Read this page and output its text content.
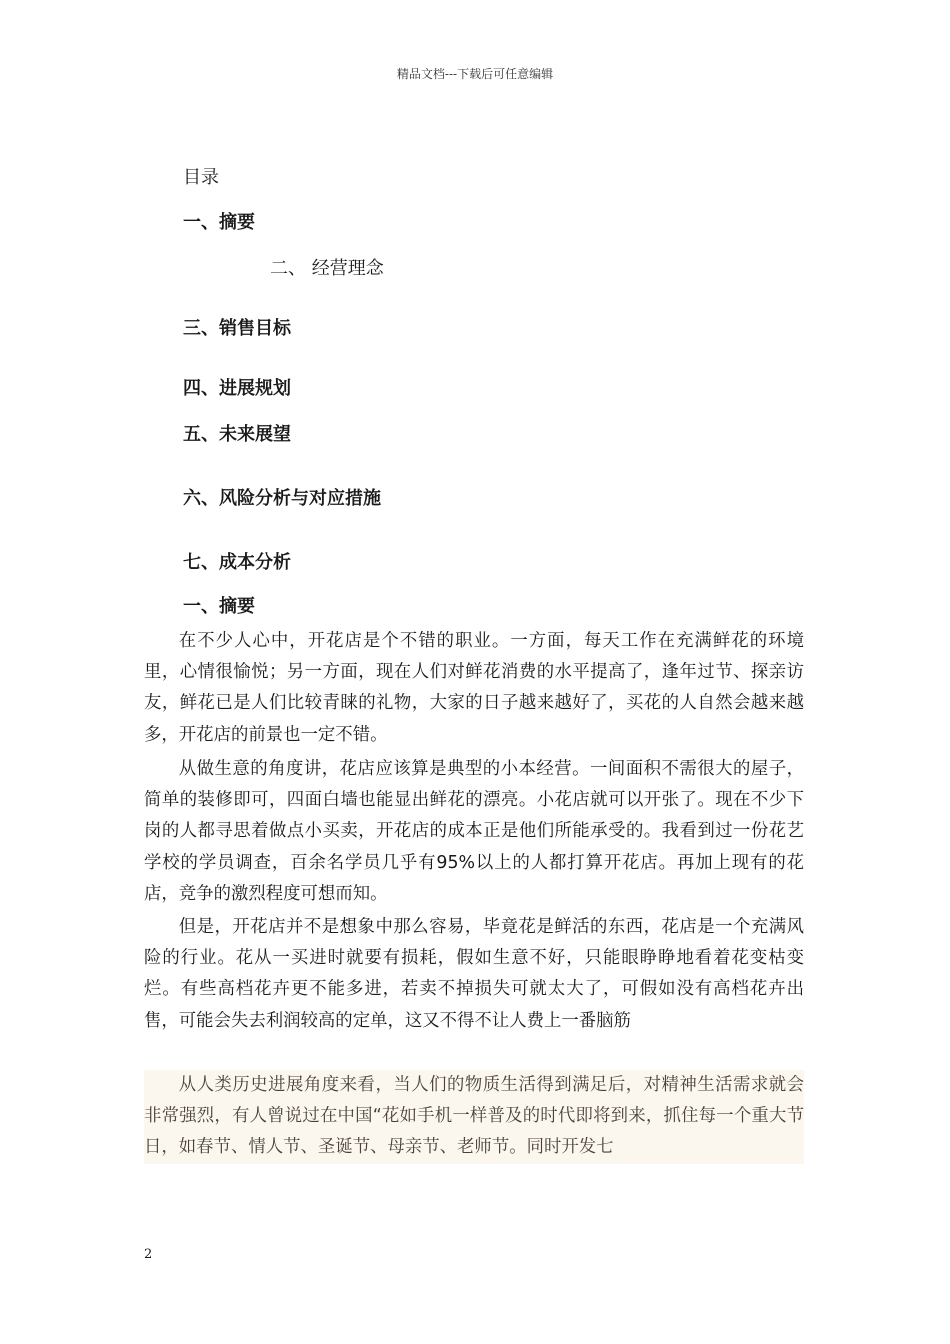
精品文档---下载后可任意编辑
目录
一、摘要
二、 经营理念
三、销售目标
四、进展规划
五、未来展望
六、风险分析与对应措施
七、成本分析
一、摘要

在不少人心中，开花店是个不错的职业。一方面，每天工作在充满鲜花的环境里，心情很愉悦；另一方面，现在人们对鲜花消费的水平提高了，逢年过节、探亲访友，鲜花已是人们比较青睐的礼物，大家的日子越来越好了，买花的人自然会越来越多，开花店的前景也一定不错。

从做生意的角度讲，花店应该算是典型的小本经营。一间面积不需很大的屋子，简单的装修即可，四面白墙也能显出鲜花的漂亮。小花店就可以开张了。现在不少下岗的人都寻思着做点小买卖，开花店的成本正是他们所能承受的。我看到过一份花艺学校的学员调查，百余名学员几乎有95%以上的人都打算开花店。再加上现有的花店，竞争的激烈程度可想而知。

但是，开花店并不是想象中那么容易，毕竟花是鲜活的东西，花店是一个充满风险的行业。花从一买进时就要有损耗，假如生意不好，只能眼睁睁地看着花变枯变烂。有些高档花卉更不能多进，若卖不掉损失可就太大了，可假如没有高档花卉出售，可能会失去利润较高的定单，这又不得不让人费上一番脑筋

从人类历史进展角度来看，当人们的物质生活得到满足后，对精神生活需求就会非常强烈，有人曾说过在中国“花如手机一样普及的时代即将到来，抓住每一个重大节日，如春节、情人节、圣诞节、母亲节、老师节。同时开发七

2
